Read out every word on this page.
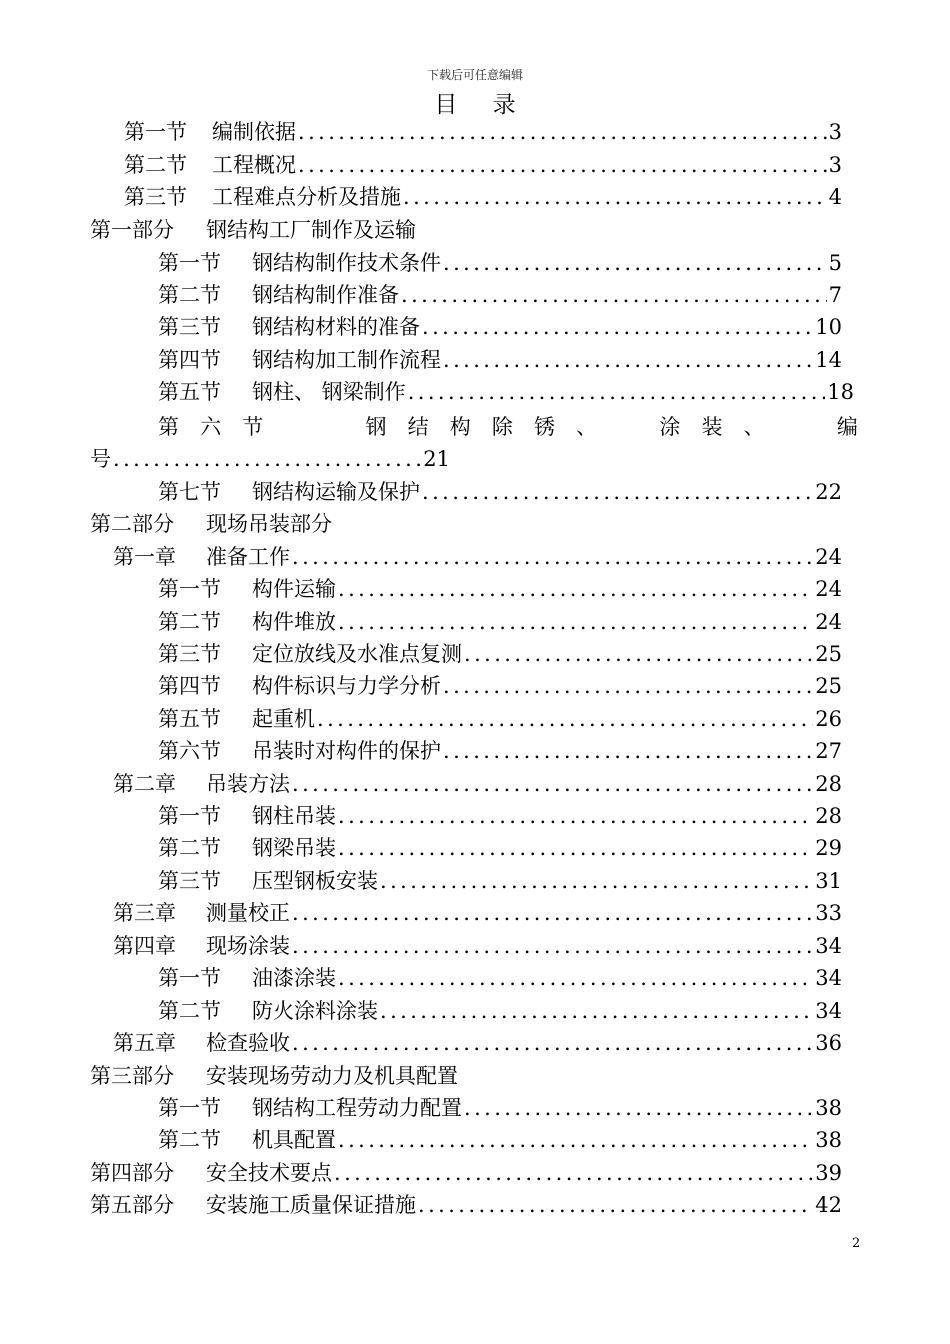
下载后可任意编辑
目 录
第一节	编制依据 .....	3
第二节	工程概况 .....	3
第三节	工程难点分析及措施 .....	4
第一部分	钢结构工厂制作及运输
第一节	钢结构制作技术条件 .....	5
第二节	钢结构制作准备 .....	7
第三节	钢结构材料的准备 .....	10
第四节	钢结构加工制作流程 .....	14
第五节	钢柱、 钢梁制作 .....	18
第 六 节	钢 结 构 除 锈 、	涂 装 、	编
号 .....	21
第七节	钢结构运输及保护 .....	22
第二部分	现场吊装部分
第一章	准备工作 .....	24
第一节	构件运输 .....	24
第二节	构件堆放 .....	24
第三节	定位放线及水准点复测 .....	25
第四节	构件标识与力学分析 .....	25
第五节	起重机 .....	26
第六节	吊装时对构件的保护 .....	27
第二章	吊装方法 .....	28
第一节	钢柱吊装 .....	28
第二节	钢梁吊装 .....	29
第三节	压型钢板安装 .....	31
第三章	测量校正 .....	33
第四章	现场涂装 .....	34
第一节	油漆涂装 .....	34
第二节	防火涂料涂装 .....	34
第五章	检查验收 .....	36
第三部分	安装现场劳动力及机具配置
第一节	钢结构工程劳动力配置 .....	38
第二节	机具配置 .....	38
第四部分	安全技术要点 .....	39
第五部分	安装施工质量保证措施 .....	42
2
